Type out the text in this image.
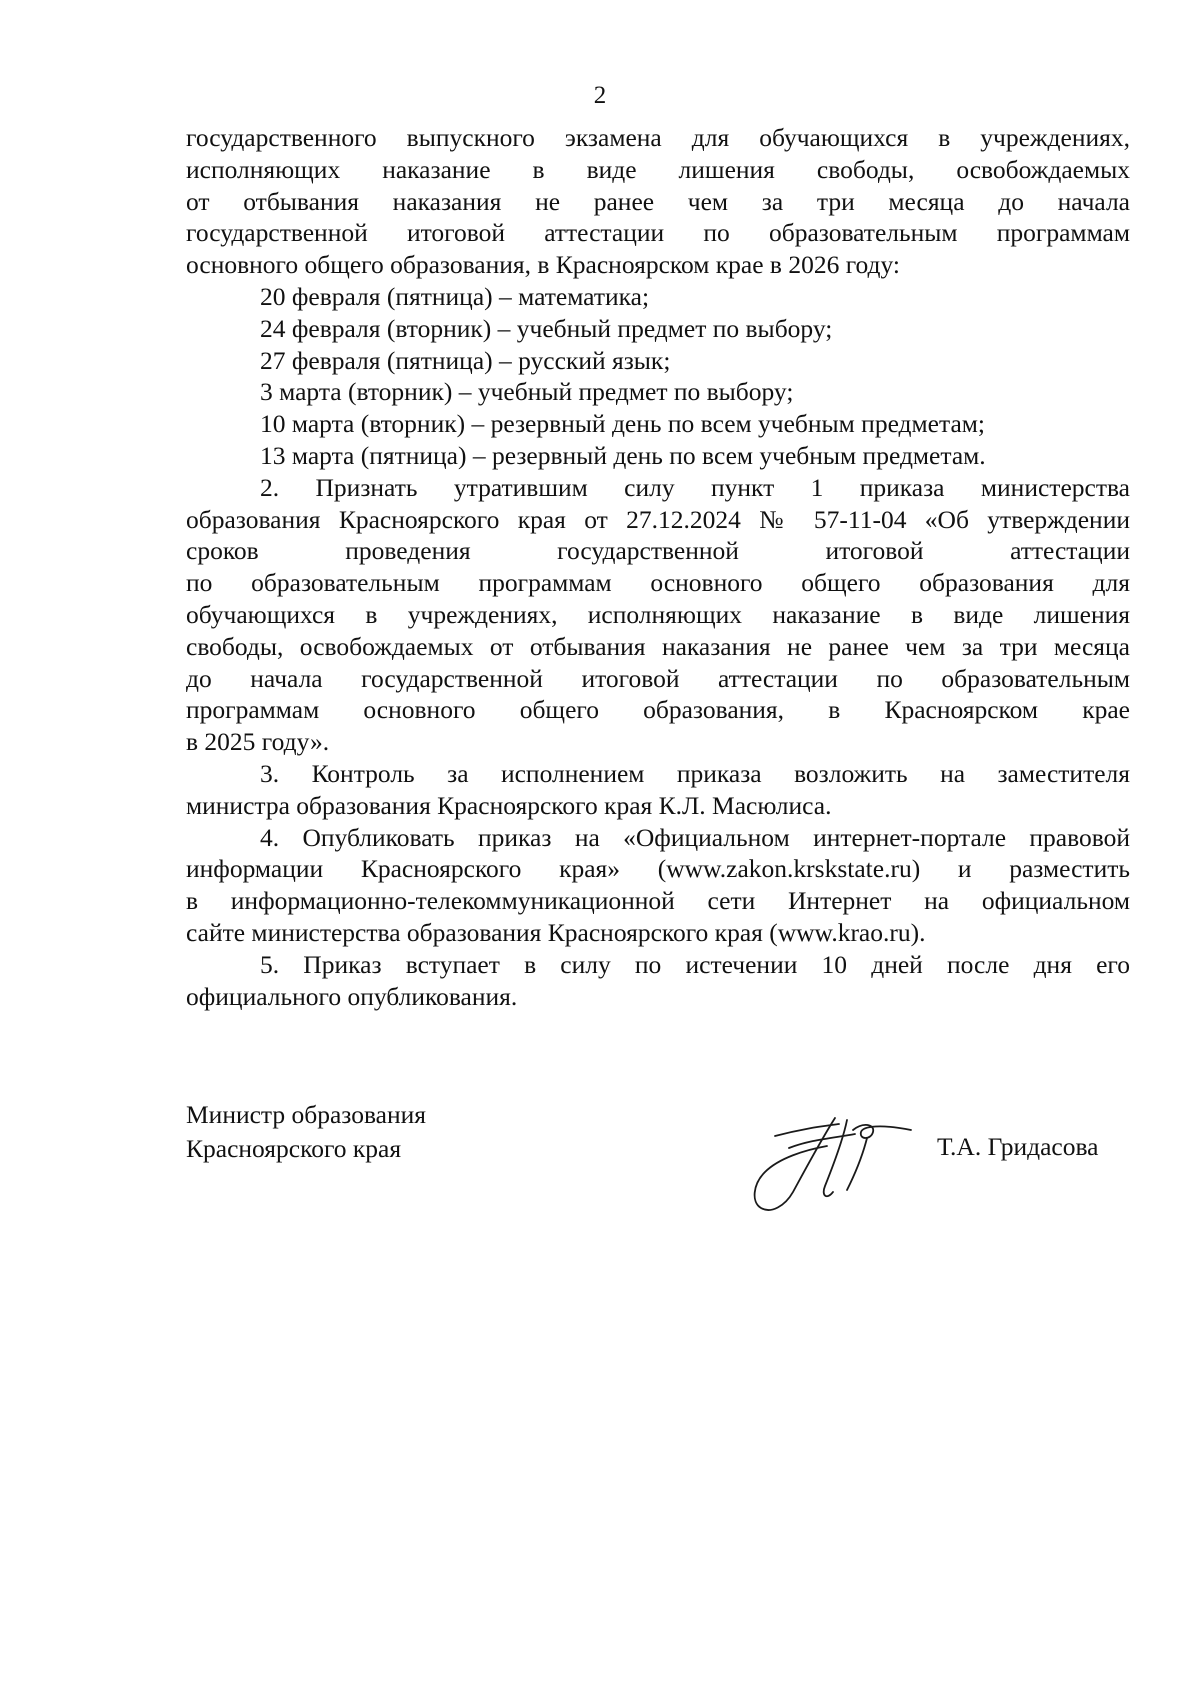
2

государственного выпускного экзамена для обучающихся в учреждениях,
исполняющих наказание в виде лишения свободы, освобождаемых
от отбывания наказания не ранее чем за три месяца до начала
государственной итоговой аттестации по образовательным программам
основного общего образования, в Красноярском крае в 2026 году:

20 февраля (пятница) – математика;
24 февраля (вторник) – учебный предмет по выбору;
27 февраля (пятница) – русский язык;
3 марта (вторник) – учебный предмет по выбору;
10 марта (вторник) – резервный день по всем учебным предметам;
13 марта (пятница) – резервный день по всем учебным предметам.

2. Признать утратившим силу пункт 1 приказа министерства
образования Красноярского края от 27.12.2024 № 57-11-04 «Об утверждении
сроков проведения государственной итоговой аттестации
по образовательным программам основного общего образования для
обучающихся в учреждениях, исполняющих наказание в виде лишения
свободы, освобождаемых от отбывания наказания не ранее чем за три месяца
до начала государственной итоговой аттестации по образовательным
программам основного общего образования, в Красноярском крае
в 2025 году».

3. Контроль за исполнением приказа возложить на заместителя
министра образования Красноярского края К.Л. Масюлиса.

4. Опубликовать приказ на «Официальном интернет-портале правовой
информации Красноярского края» (www.zakon.krskstate.ru) и разместить
в информационно-телекоммуникационной сети Интернет на официальном
сайте министерства образования Красноярского края (www.krao.ru).

5. Приказ вступает в силу по истечении 10 дней после дня его
официального опубликования.

Министр образования
Красноярского края	Т.А. Гридасова
